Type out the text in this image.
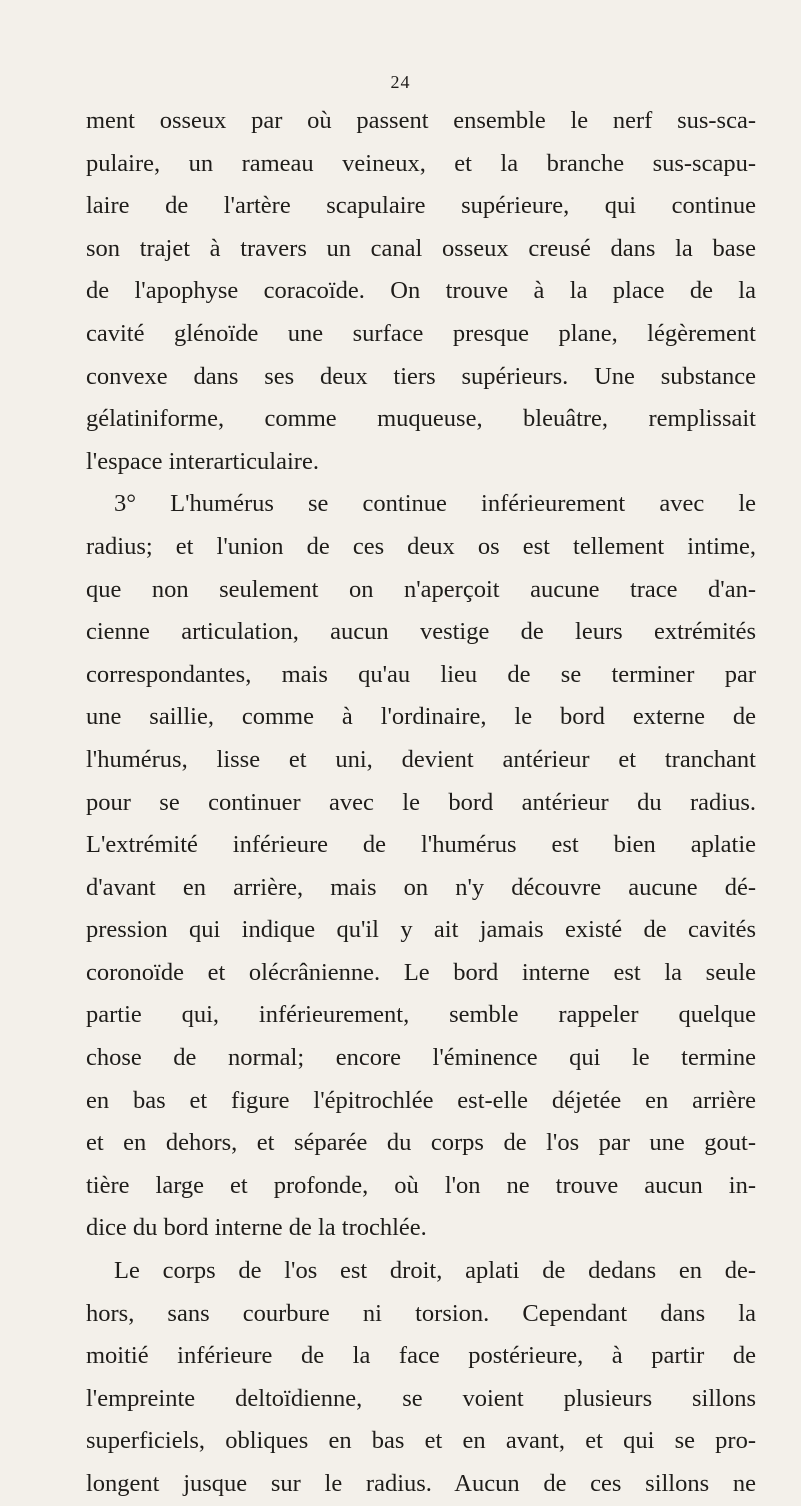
24
ment osseux par où passent ensemble le nerf sus-sca-
pulaire, un rameau veineux, et la branche sus-scapu-
laire de l'artère scapulaire supérieure, qui continue
son trajet à travers un canal osseux creusé dans la base
de l'apophyse coracoïde. On trouve à la place de la
cavité glénoïde une surface presque plane, légèrement
convexe dans ses deux tiers supérieurs. Une substance
gélatiniforme, comme muqueuse, bleuâtre, remplissait
l'espace interarticulaire.
3° L'humérus se continue inférieurement avec le
radius; et l'union de ces deux os est tellement intime,
que non seulement on n'aperçoit aucune trace d'an-
cienne articulation, aucun vestige de leurs extrémités
correspondantes, mais qu'au lieu de se terminer par
une saillie, comme à l'ordinaire, le bord externe de
l'humérus, lisse et uni, devient antérieur et tranchant
pour se continuer avec le bord antérieur du radius.
L'extrémité inférieure de l'humérus est bien aplatie
d'avant en arrière, mais on n'y découvre aucune dé-
pression qui indique qu'il y ait jamais existé de cavités
coronoïde et olécrânienne. Le bord interne est la seule
partie qui, inférieurement, semble rappeler quelque
chose de normal; encore l'éminence qui le termine
en bas et figure l'épitrochlée est-elle déjetée en arrière
et en dehors, et séparée du corps de l'os par une gout-
tière large et profonde, où l'on ne trouve aucun in-
dice du bord interne de la trochlée.
Le corps de l'os est droit, aplati de dedans en de-
hors, sans courbure ni torsion. Cependant dans la
moitié inférieure de la face postérieure, à partir de
l'empreinte deltoïdienne, se voient plusieurs sillons
superficiels, obliques en bas et en avant, et qui se pro-
longent jusque sur le radius. Aucun de ces sillons ne
